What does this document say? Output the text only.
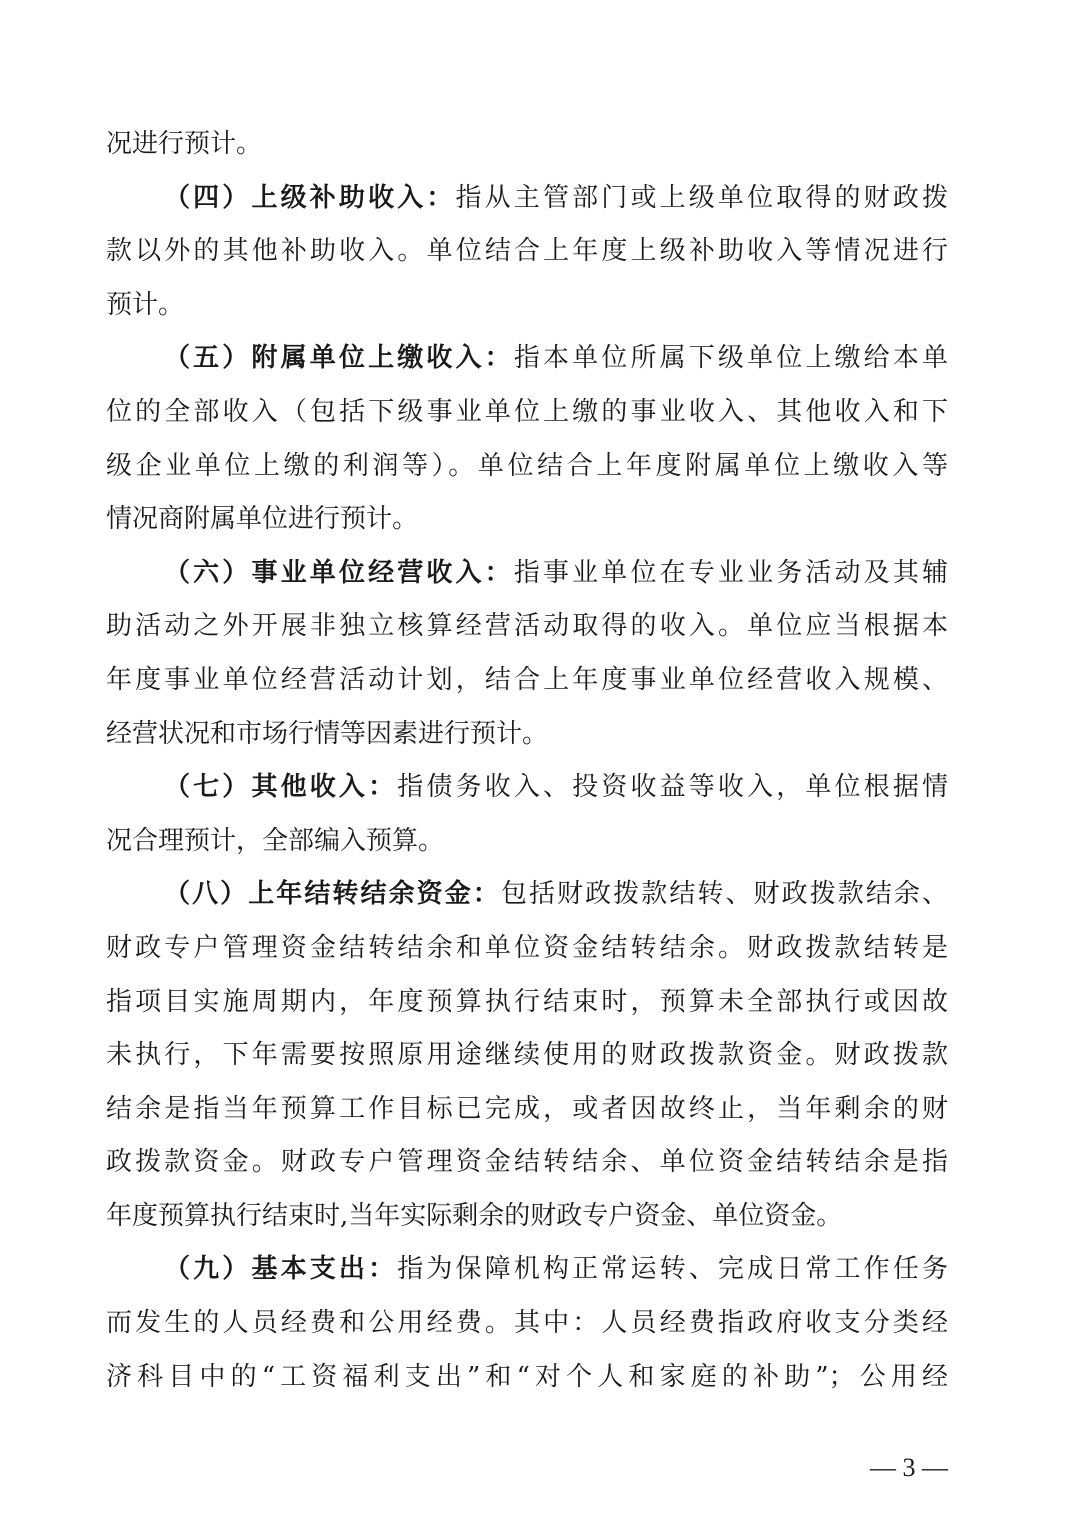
况进行预计。
（四）上级补助收入：指从主管部门或上级单位取得的财政拨
款以外的其他补助收入。单位结合上年度上级补助收入等情况进行
预计。
（五）附属单位上缴收入：指本单位所属下级单位上缴给本单
位的全部收入（包括下级事业单位上缴的事业收入、其他收入和下
级企业单位上缴的利润等）。单位结合上年度附属单位上缴收入等
情况商附属单位进行预计。
（六）事业单位经营收入：指事业单位在专业业务活动及其辅
助活动之外开展非独立核算经营活动取得的收入。单位应当根据本
年度事业单位经营活动计划，结合上年度事业单位经营收入规模、
经营状况和市场行情等因素进行预计。
（七）其他收入：指债务收入、投资收益等收入，单位根据情
况合理预计，全部编入预算。
（八）上年结转结余资金：包括财政拨款结转、财政拨款结余、
财政专户管理资金结转结余和单位资金结转结余。财政拨款结转是
指项目实施周期内，年度预算执行结束时，预算未全部执行或因故
未执行，下年需要按照原用途继续使用的财政拨款资金。财政拨款
结余是指当年预算工作目标已完成，或者因故终止，当年剩余的财
政拨款资金。财政专户管理资金结转结余、单位资金结转结余是指
年度预算执行结束时,当年实际剩余的财政专户资金、单位资金。
（九）基本支出：指为保障机构正常运转、完成日常工作任务
而发生的人员经费和公用经费。其中：人员经费指政府收支分类经
济科目中的“工资福利支出”和“对个人和家庭的补助”；公用经
— 3 —
